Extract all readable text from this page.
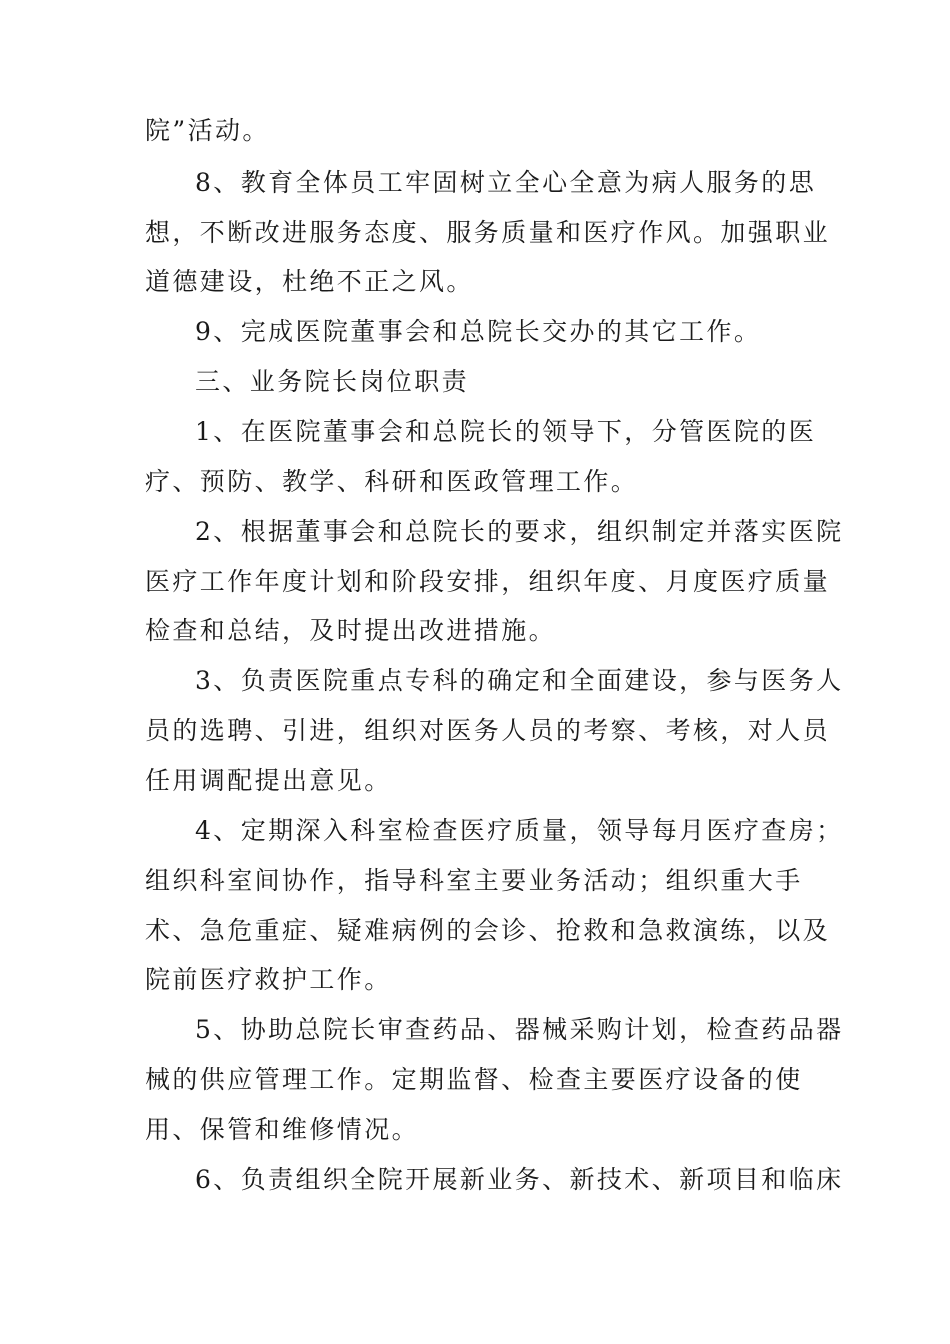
院”活动。
8、教育全体员工牢固树立全心全意为病人服务的思
想，不断改进服务态度、服务质量和医疗作风。加强职业
道德建设，杜绝不正之风。
9、完成医院董事会和总院长交办的其它工作。
三、业务院长岗位职责
1、在医院董事会和总院长的领导下，分管医院的医
疗、预防、教学、科研和医政管理工作。
2、根据董事会和总院长的要求，组织制定并落实医院
医疗工作年度计划和阶段安排，组织年度、月度医疗质量
检查和总结，及时提出改进措施。
3、负责医院重点专科的确定和全面建设，参与医务人
员的选聘、引进，组织对医务人员的考察、考核，对人员
任用调配提出意见。
4、定期深入科室检查医疗质量，领导每月医疗查房；
组织科室间协作，指导科室主要业务活动；组织重大手
术、急危重症、疑难病例的会诊、抢救和急救演练，以及
院前医疗救护工作。
5、协助总院长审查药品、器械采购计划，检查药品器
械的供应管理工作。定期监督、检查主要医疗设备的使
用、保管和维修情况。
6、负责组织全院开展新业务、新技术、新项目和临床
